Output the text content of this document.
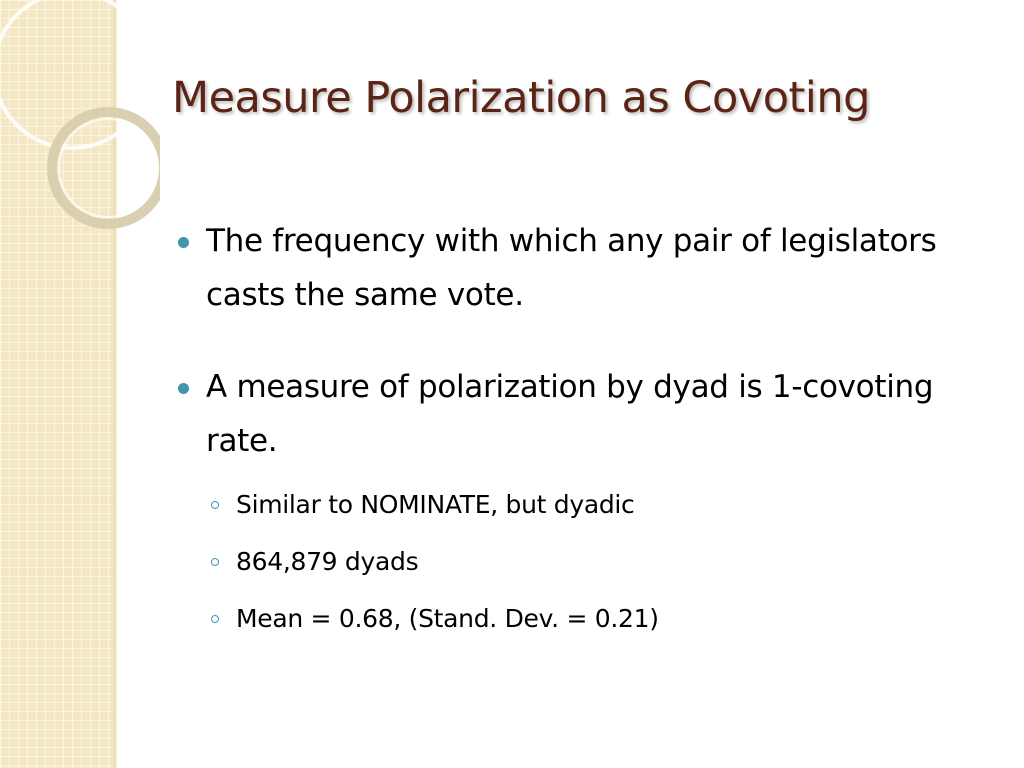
Measure Polarization as Covoting
The frequency with which any pair of legislators casts the same vote.
A measure of polarization by dyad is 1-covoting rate.
Similar to NOMINATE, but dyadic
864,879 dyads
Mean = 0.68, (Stand. Dev. = 0.21)
